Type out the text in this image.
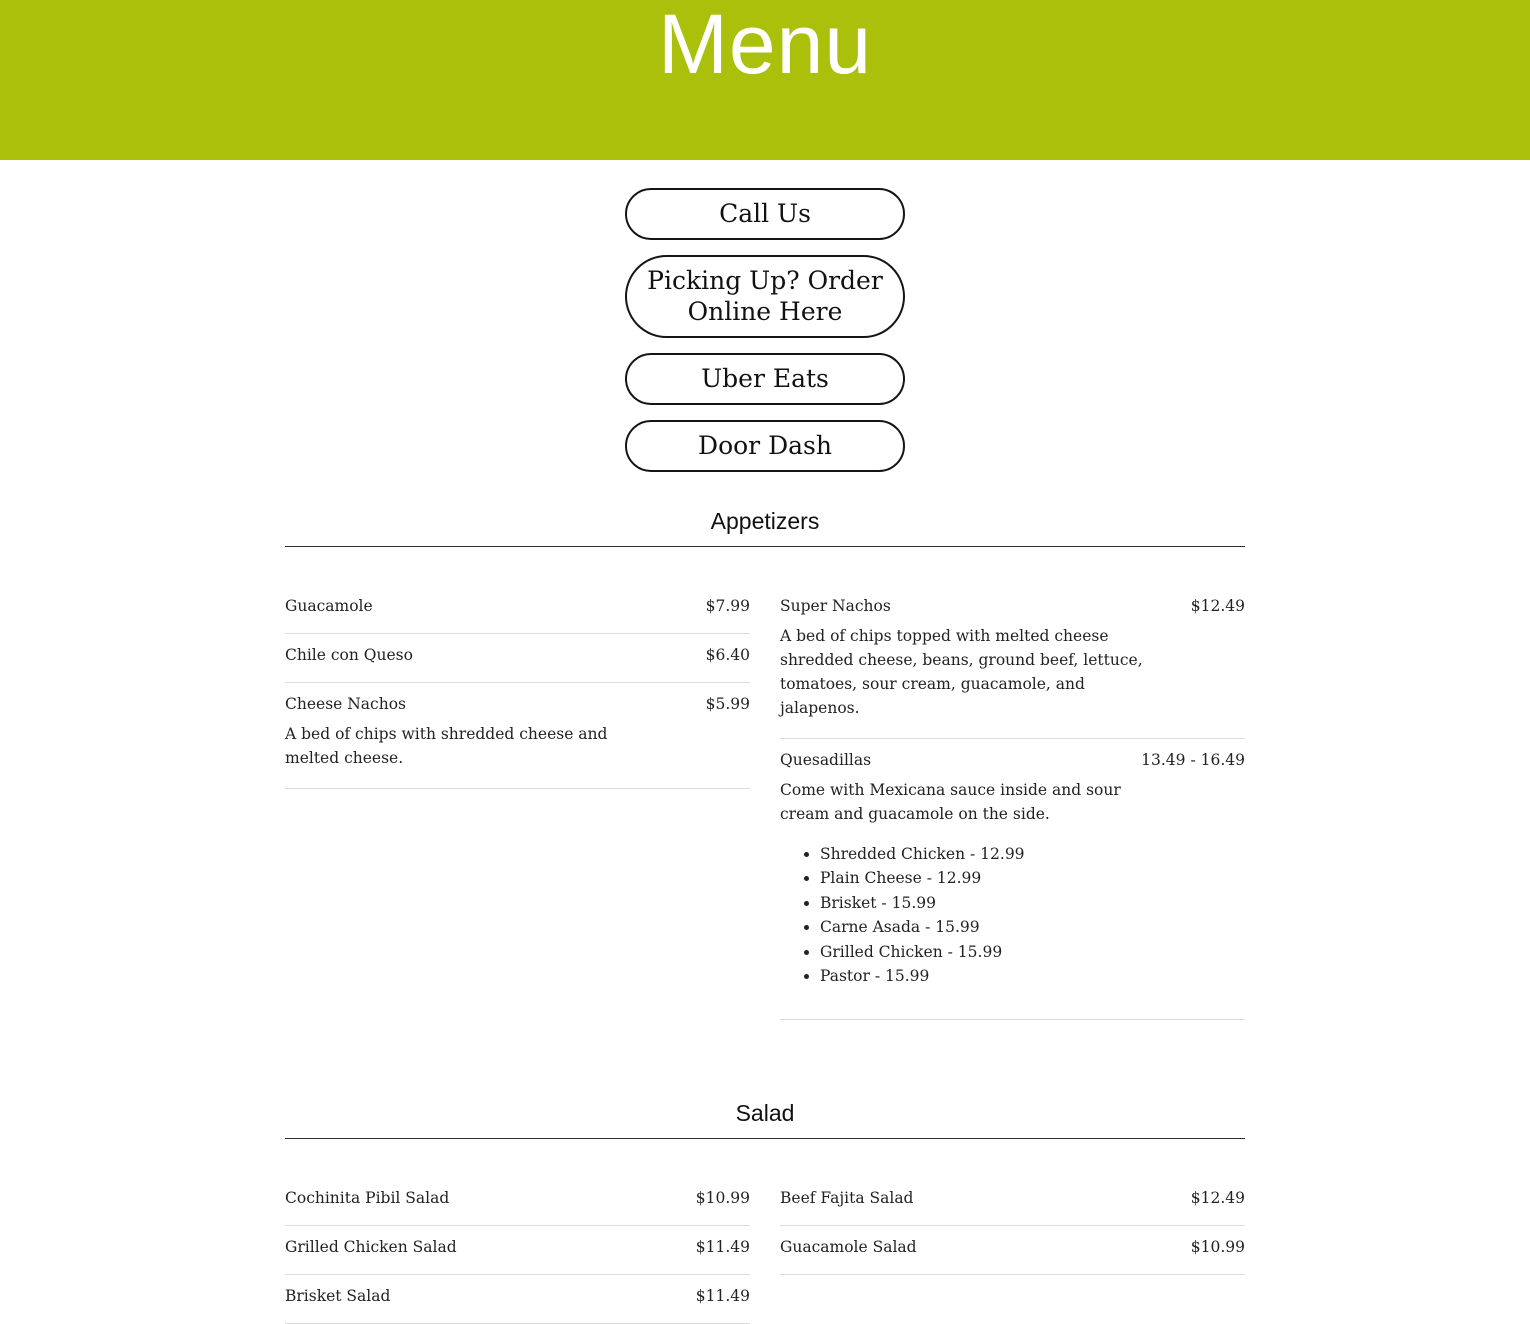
Menu
Call Us
Picking Up? Order Online Here
Uber Eats
Door Dash
Appetizers
Guacamole	$7.99
Chile con Queso	$6.40
Cheese Nachos	$5.99

A bed of chips with shredded cheese and melted cheese.

Super Nachos	$12.49

A bed of chips topped with melted cheese shredded cheese, beans, ground beef, lettuce, tomatoes, sour cream, guacamole, and jalapenos.

Quesadillas	13.49 - 16.49

Come with Mexicana sauce inside and sour cream and guacamole on the side.

• Shredded Chicken - 12.99
• Plain Cheese - 12.99
• Brisket - 15.99
• Carne Asada - 15.99
• Grilled Chicken - 15.99
• Pastor - 15.99
Salad
Cochinita Pibil Salad	$10.99
Grilled Chicken Salad	$11.49
Brisket Salad	$11.49
Beef Fajita Salad	$12.49
Guacamole Salad	$10.99
